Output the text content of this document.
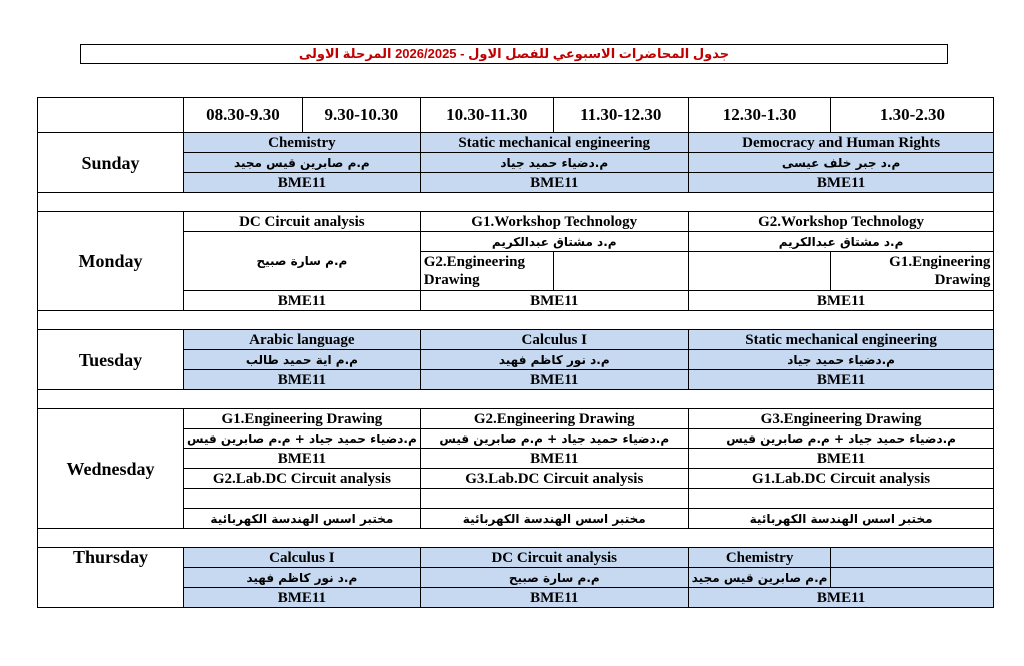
جدول المحاضرات الاسبوعي للفصل الاول - 2026/2025 المرحلة الاولى
	08.30-9.30	9.30-10.30	10.30-11.30	11.30-12.30	12.30-1.30	1.30-2.30
Sunday	Chemistry		Static mechanical engineering		Democracy and Human Rights	
	م.م صابرين قيس مجيد		م.دضياء حميد جياد		م.د جبر خلف عيسى	
	BME11		BME11		BME11	

Monday	DC Circuit analysis		G1.Workshop Technology		G2.Workshop Technology	
	م.م سارة صبيح		م.د مشتاق عبدالكريم		م.د مشتاق عبدالكريم	
			G2.Engineering Drawing			G1.Engineering Drawing
	BME11		BME11		BME11	

Tuesday	Arabic language		Calculus I		Static mechanical engineering	
	م.م اية حميد طالب		م.د نور كاظم فهيد		م.دضياء حميد جياد	
	BME11		BME11		BME11	

Wednesday	G1.Engineering Drawing		G2.Engineering Drawing		G3.Engineering Drawing	
	م.دضياء حميد جياد + م.م صابرين قيس		م.دضياء حميد جياد + م.م صابرين قيس		م.دضياء حميد جياد + م.م صابرين قيس	
	BME11		BME11		BME11	
	G2.Lab.DC Circuit analysis		G3.Lab.DC Circuit analysis		G1.Lab.DC Circuit analysis	

	مختبر اسس الهندسة الكهربائية		مختبر اسس الهندسة الكهربائية		مختبر اسس الهندسة الكهربائية	

Thursday	Calculus I		DC Circuit analysis		Chemistry	
	م.د نور كاظم فهيد		م.م سارة صبيح		م.م صابرين قيس مجيد	
	BME11		BME11		BME11	
